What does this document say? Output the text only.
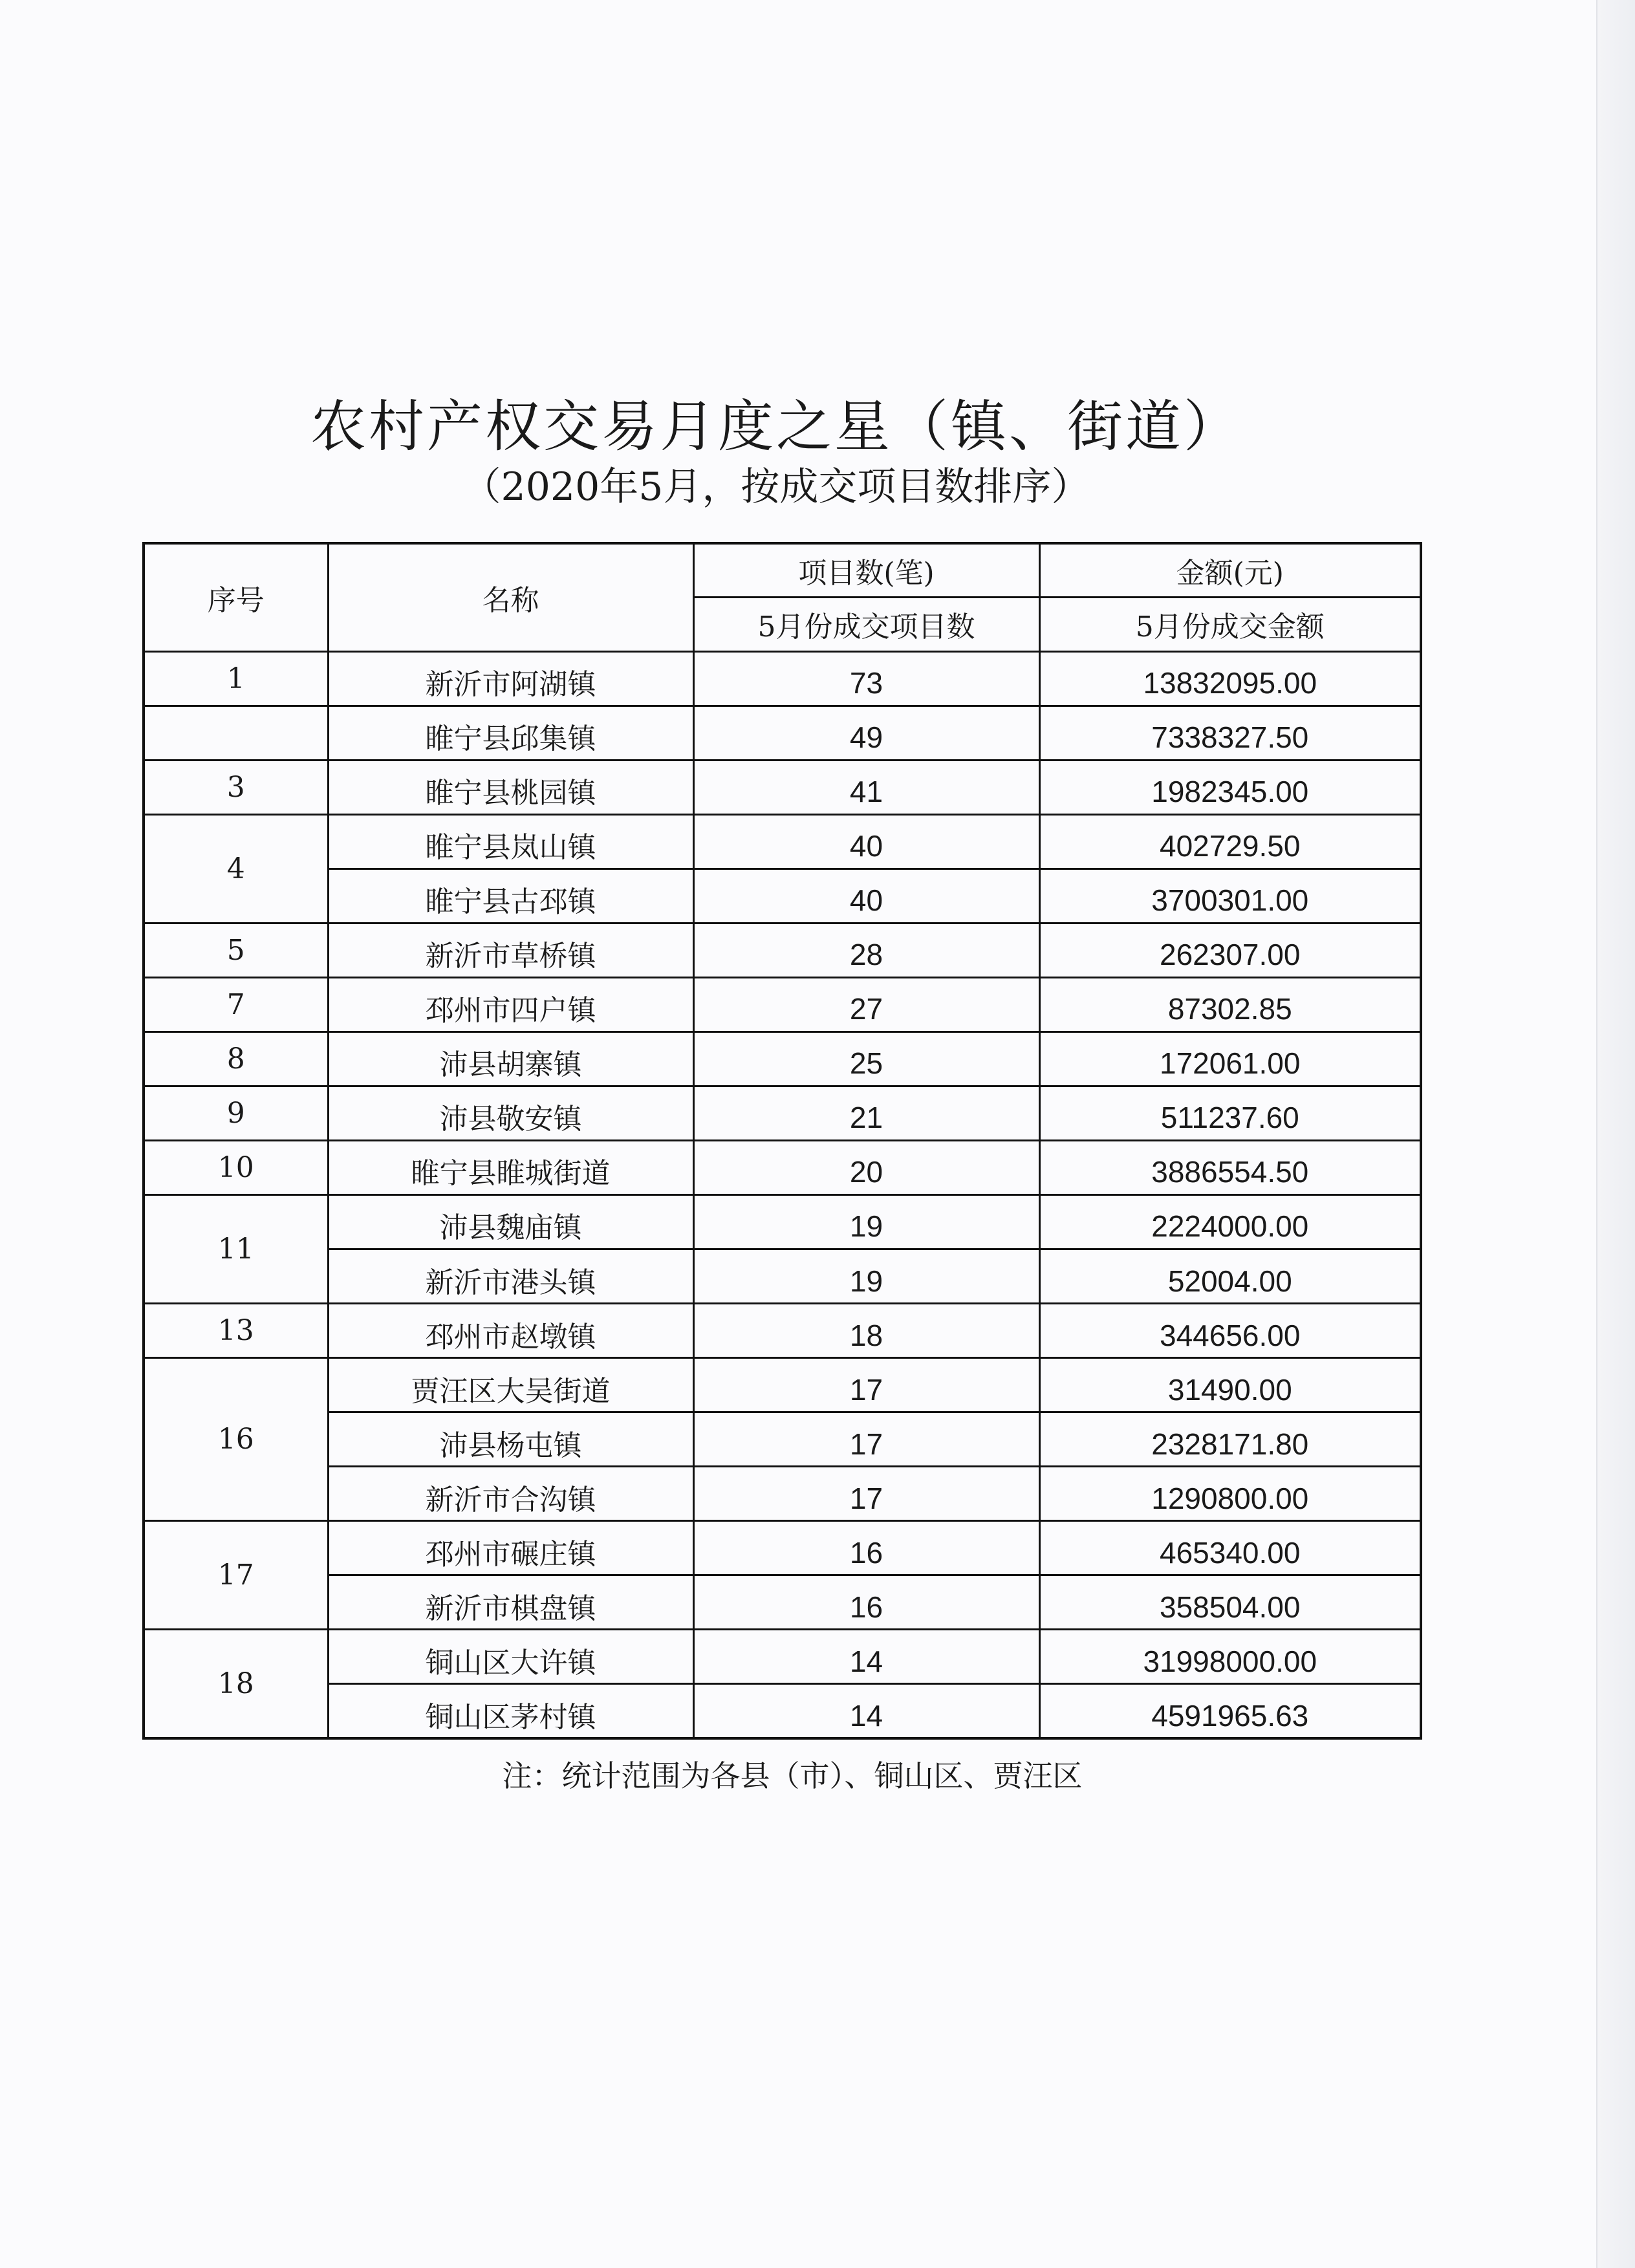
农村产权交易月度之星（镇、街道）
（2020年5月，按成交项目数排序）
序号	名称	项目数(笔)	金额(元)
		5月份成交项目数	5月份成交金额
1	新沂市阿湖镇	73	13832095.00
	睢宁县邱集镇	49	7338327.50
3	睢宁县桃园镇	41	1982345.00
4	睢宁县岚山镇	40	402729.50
	睢宁县古邳镇	40	3700301.00
5	新沂市草桥镇	28	262307.00
7	邳州市四户镇	27	87302.85
8	沛县胡寨镇	25	172061.00
9	沛县敬安镇	21	511237.60
10	睢宁县睢城街道	20	3886554.50
11	沛县魏庙镇	19	2224000.00
	新沂市港头镇	19	52004.00
13	邳州市赵墩镇	18	344656.00
16	贾汪区大吴街道	17	31490.00
	沛县杨屯镇	17	2328171.80
	新沂市合沟镇	17	1290800.00
17	邳州市碾庄镇	16	465340.00
	新沂市棋盘镇	16	358504.00
18	铜山区大许镇	14	31998000.00
	铜山区茅村镇	14	4591965.63
注：统计范围为各县（市）、铜山区、贾汪区
